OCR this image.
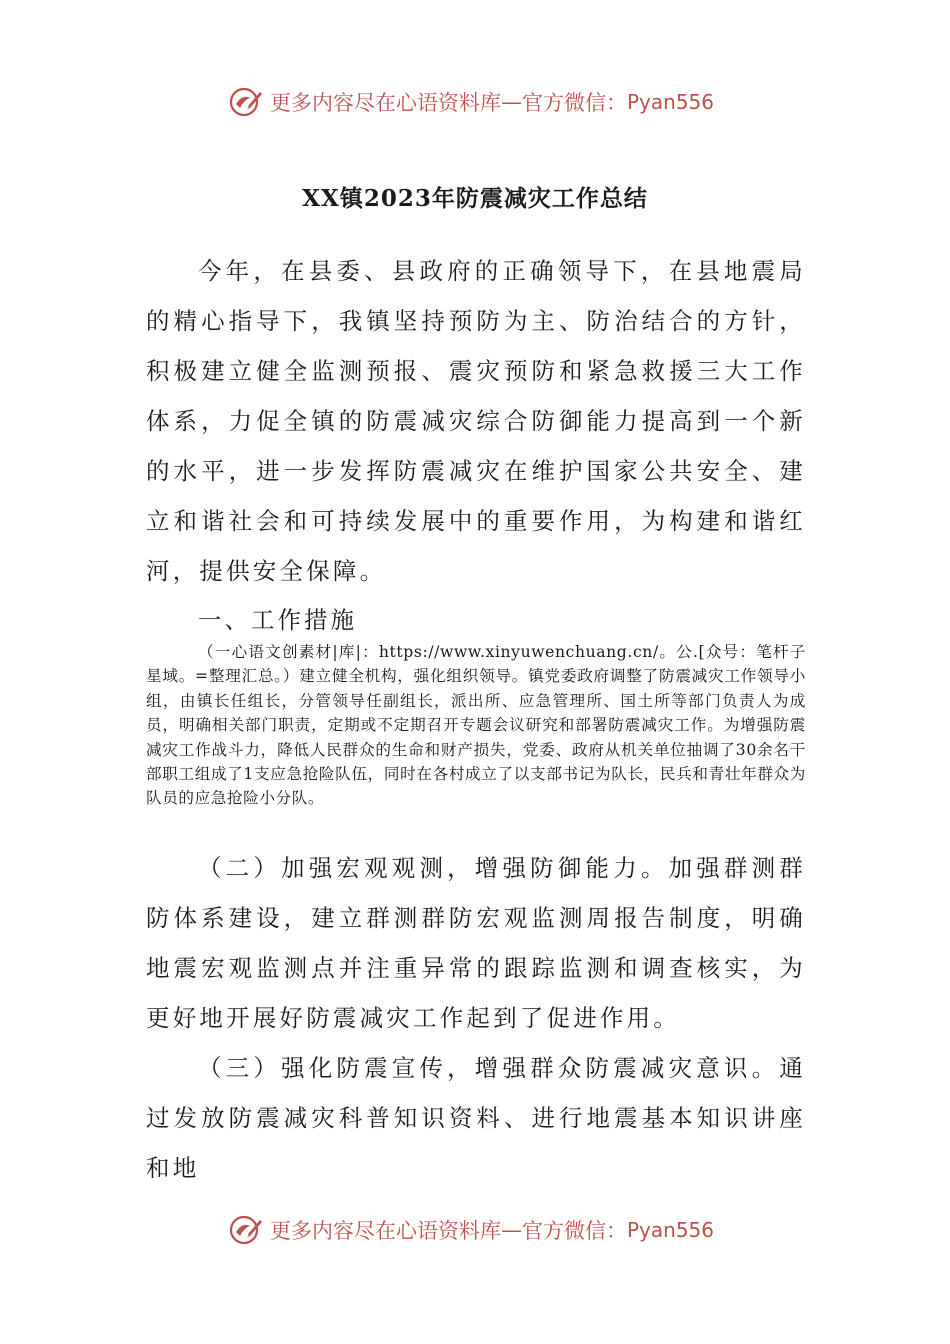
更多内容尽在心语资料库 — 官方微信： Pyan556
XX镇2023年防震减灾工作总结

今年，在县委、县政府的正确领导下，在县地震局的精心指导下，我镇坚持预防为主、防治结合的方针，积极建立健全监测预报、震灾预防和紧急救援三大工作体系，力促全镇的防震减灾综合防御能力提高到一个新的水平，进一步发挥防震减灾在维护国家公共安全、建立和谐社会和可持续发展中的重要作用，为构建和谐红河，提供安全保障。

一、工作措施

（一心语文创素材|库|：https://www.xinyuwenchuang.cn/。公.[众号：笔杆子星域。=整理汇总。）建立健全机构，强化组织领导。镇党委政府调整了防震减灾工作领导小组，由镇长任组长，分管领导任副组长，派出所、应急管理所、国土所等部门负责人为成员，明确相关部门职责，定期或不定期召开专题会议研究和部署防震减灾工作。为增强防震减灾工作战斗力，降低人民群众的生命和财产损失，党委、政府从机关单位抽调了30余名干部职工组成了1支应急抢险队伍，同时在各村成立了以支部书记为队长，民兵和青壮年群众为队员的应急抢险小分队。

（二）加强宏观观测，增强防御能力。加强群测群防体系建设，建立群测群防宏观监测周报告制度，明确地震宏观监测点并注重异常的跟踪监测和调查核实，为更好地开展好防震减灾工作起到了促进作用。

（三）强化防震宣传，增强群众防震减灾意识。通过发放防震减灾科普知识资料、进行地震基本知识讲座和地

更多内容尽在心语资料库 — 官方微信： Pyan556
